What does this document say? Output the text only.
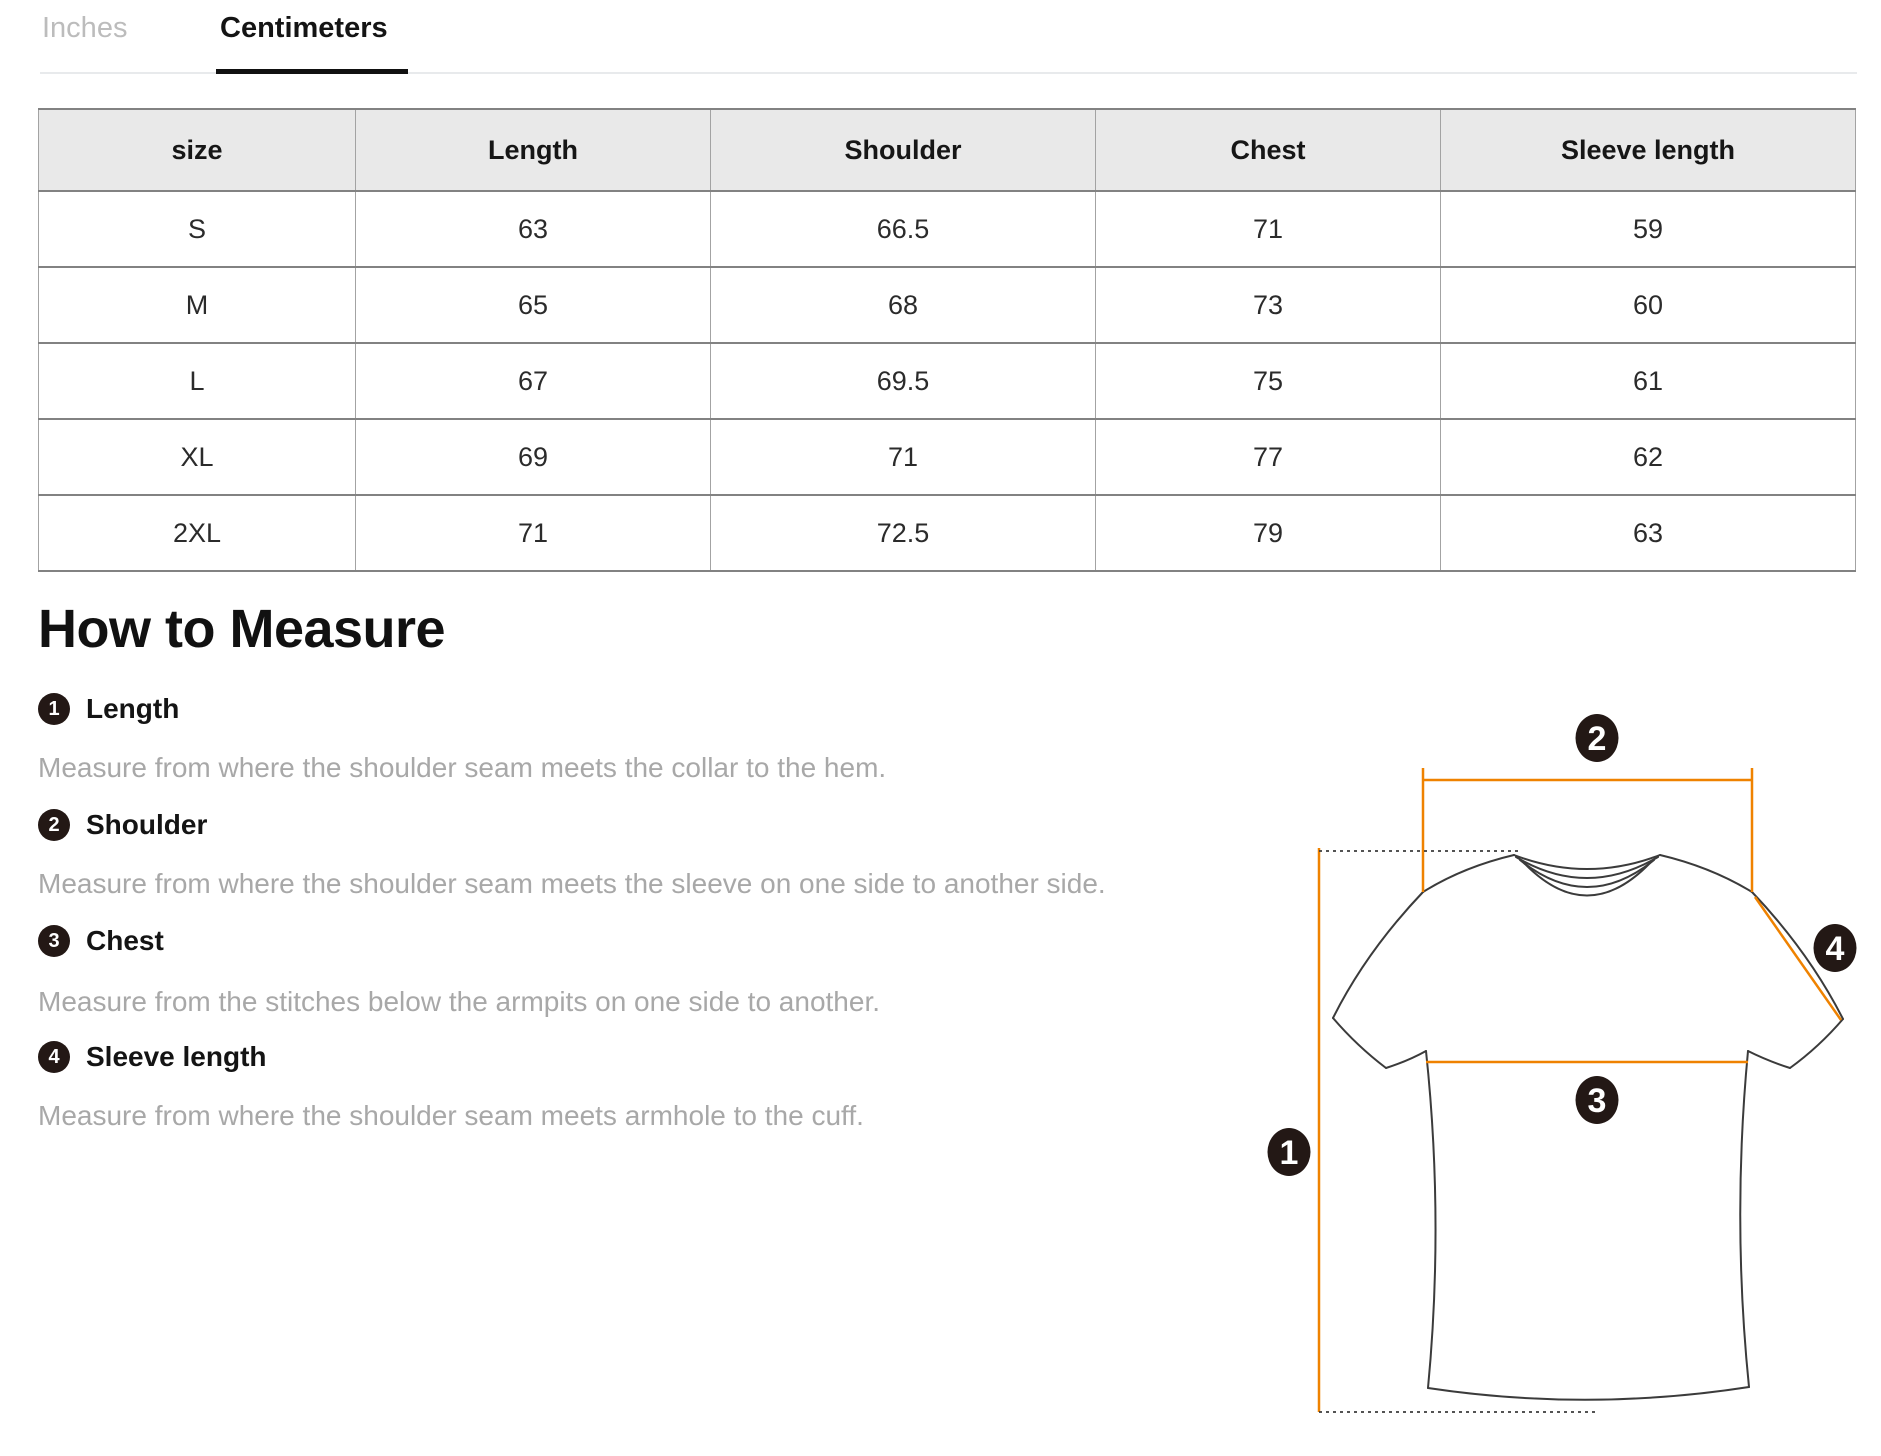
Inches	Centimeters
size	Length	Shoulder	Chest	Sleeve length
S	63	66.5	71	59
M	65	68	73	60
L	67	69.5	75	61
XL	69	71	77	62
2XL	71	72.5	79	63
How to Measure
1 Length
Measure from where the shoulder seam meets the collar to the hem.
2 Shoulder
Measure from where the shoulder seam meets the sleeve on one side to another side.
3 Chest
Measure from the stitches below the armpits on one side to another.
4 Sleeve length
Measure from where the shoulder seam meets armhole to the cuff.
1
2
3
4
